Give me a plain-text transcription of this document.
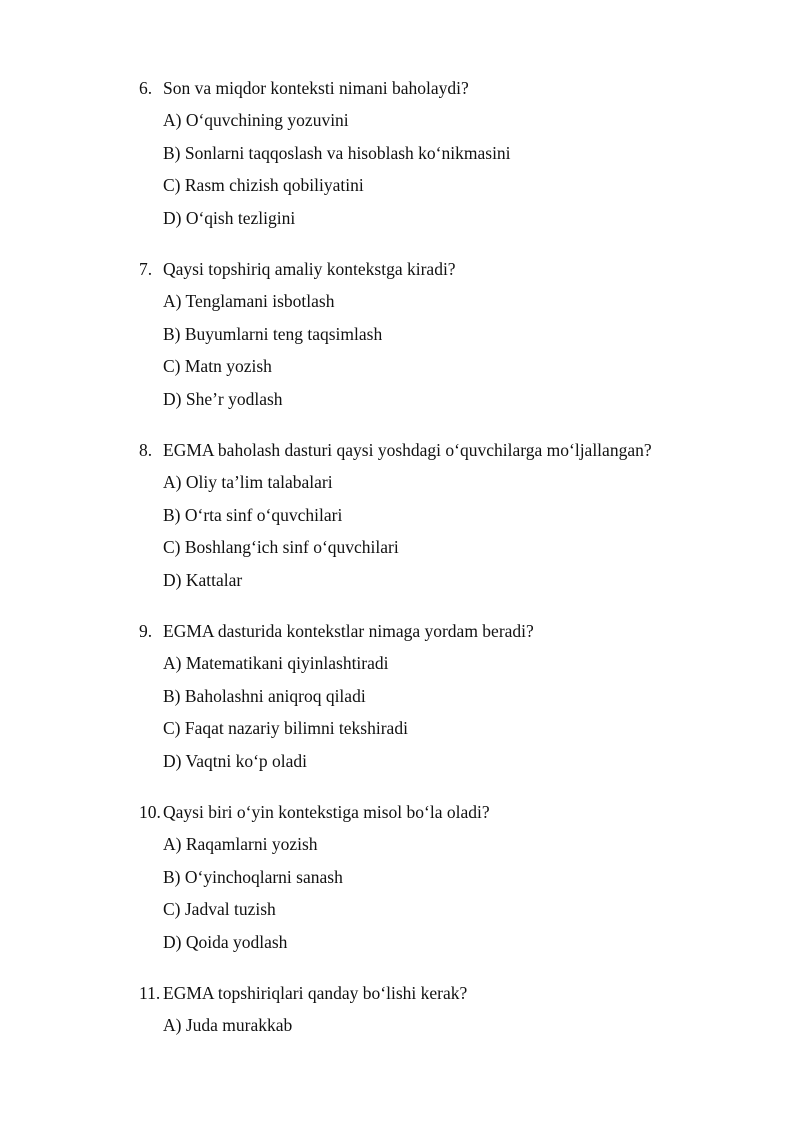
6. Son va miqdor konteksti nimani baholaydi?
A) O‘quvchining yozuvini
B) Sonlarni taqqoslash va hisoblash ko‘nikmasini
C) Rasm chizish qobiliyatini
D) O‘qish tezligini
7. Qaysi topshiriq amaliy kontekstga kiradi?
A) Tenglamani isbotlash
B) Buyumlarni teng taqsimlash
C) Matn yozish
D) She’r yodlash
8. EGMA baholash dasturi qaysi yoshdagi o‘quvchilarga mo‘ljallangan?
A) Oliy ta’lim talabalari
B) O‘rta sinf o‘quvchilari
C) Boshlang‘ich sinf o‘quvchilari
D) Kattalar
9. EGMA dasturida kontekstlar nimaga yordam beradi?
A) Matematikani qiyinlashtiradi
B) Baholashni aniqroq qiladi
C) Faqat nazariy bilimni tekshiradi
D) Vaqtni ko‘p oladi
10. Qaysi biri o‘yin kontekstiga misol bo‘la oladi?
A) Raqamlarni yozish
B) O‘yinchoqlarni sanash
C) Jadval tuzish
D) Qoida yodlash
11. EGMA topshiriqlari qanday bo‘lishi kerak?
A) Juda murakkab
